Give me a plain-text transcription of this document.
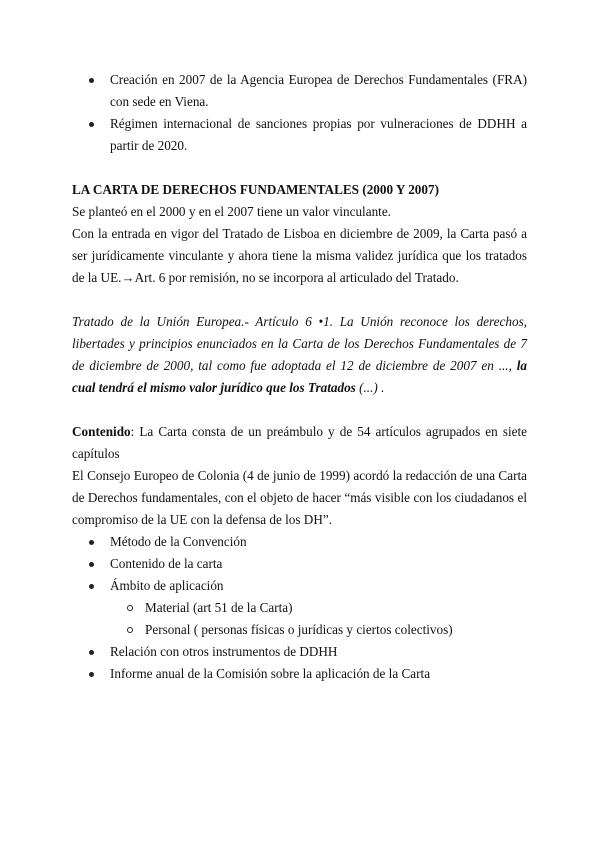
Creación en 2007 de la Agencia Europea de Derechos Fundamentales (FRA) con sede en Viena.
Régimen internacional de sanciones propias por vulneraciones de DDHH a partir de 2020.

LA CARTA DE DERECHOS FUNDAMENTALES (2000 Y 2007)

Se planteó en el 2000 y en el 2007 tiene un valor vinculante.

Con la entrada en vigor del Tratado de Lisboa en diciembre de 2009, la Carta pasó a ser jurídicamente vinculante y ahora tiene la misma validez jurídica que los tratados de la UE.→Art. 6 por remisión, no se incorpora al articulado del Tratado.

Tratado de la Unión Europea.- Artículo 6 •1. La Unión reconoce los derechos, libertades y principios enunciados en la Carta de los Derechos Fundamentales de 7 de diciembre de 2000, tal como fue adoptada el 12 de diciembre de 2007 en ..., la cual tendrá el mismo valor jurídico que los Tratados (...) .

Contenido: La Carta consta de un preámbulo y de 54 artículos agrupados en siete capítulos

El Consejo Europeo de Colonia (4 de junio de 1999) acordó la redacción de una Carta de Derechos fundamentales, con el objeto de hacer “más visible con los ciudadanos el compromiso de la UE con la defensa de los DH”.

Método de la Convención
Contenido de la carta
Ámbito de aplicación
Material (art 51 de la Carta)
Personal ( personas físicas o jurídicas y ciertos colectivos)
Relación con otros instrumentos de DDHH
Informe anual de la Comisión sobre la aplicación de la Carta
